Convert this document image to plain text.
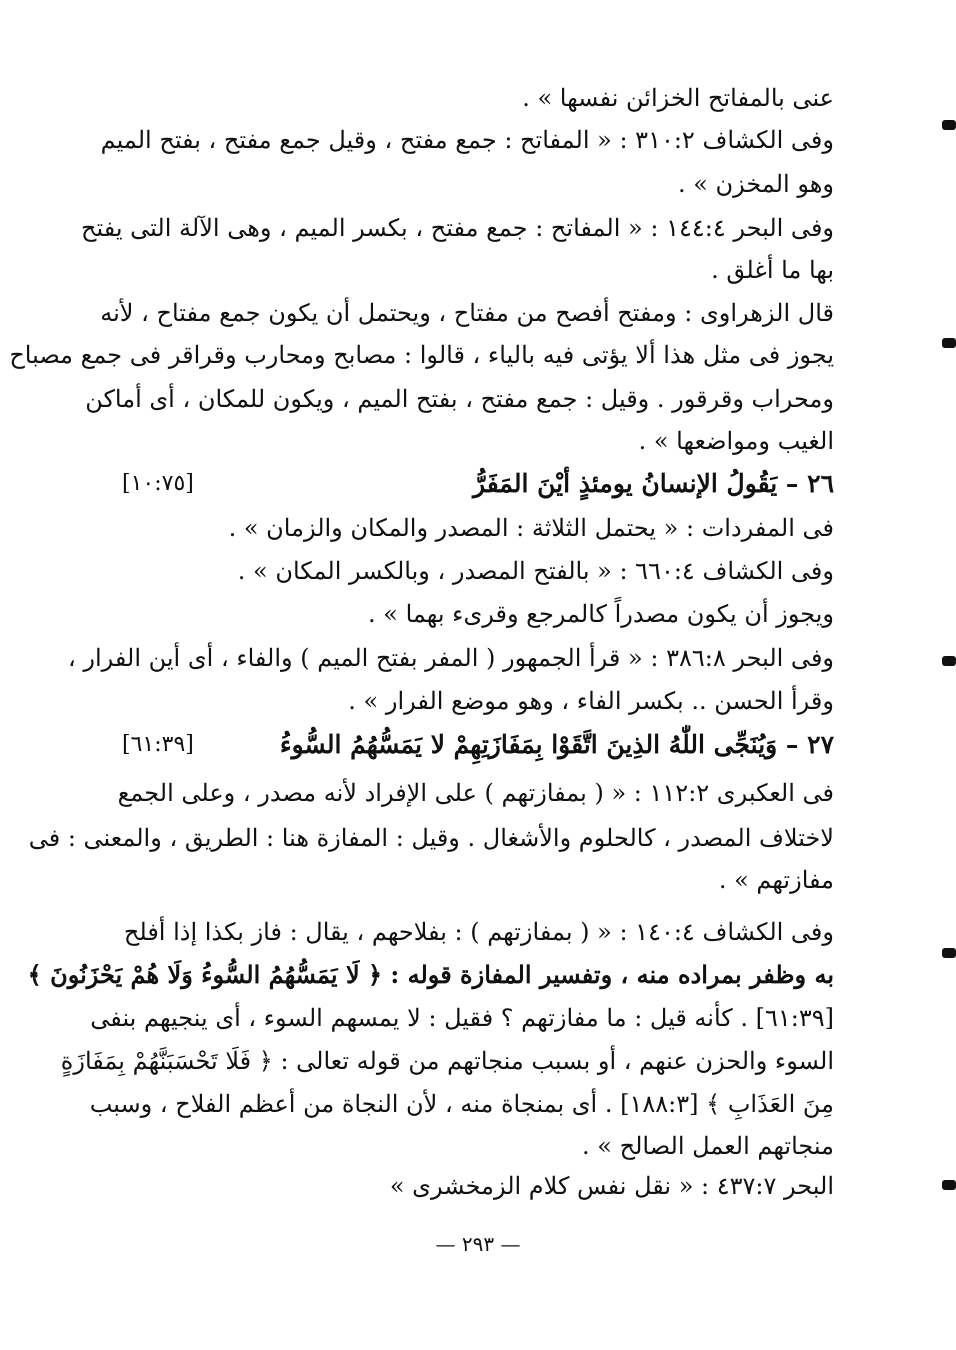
عنى بالمفاتح الخزائن نفسها » .
وفى الكشاف ٣١٠:٢ : « المفاتح : جمع مفتح ، وقيل جمع مفتح ، بفتح الميم
وهو المخزن » .
وفى البحر ١٤٤:٤ : « المفاتح : جمع مفتح ، بكسر الميم ، وهى الآلة التى يفتح
بها ما أغلق .
قال الزهراوى : ومفتح أفصح من مفتاح ، ويحتمل أن يكون جمع مفتاح ، لأنه
يجوز فى مثل هذا ألا يؤتى فيه بالياء ، قالوا : مصابح ومحارب وقراقر فى جمع مصباح
ومحراب وقرقور . وقيل : جمع مفتح ، بفتح الميم ، ويكون للمكان ، أى أماكن
الغيب ومواضعها » .
٢٦ – يَقُولُ الإنسانُ يومئذٍ أيْنَ المَفَرُّ
[١٠:٧٥]
فى المفردات : « يحتمل الثلاثة : المصدر والمكان والزمان » .
وفى الكشاف ٦٦٠:٤ : « بالفتح المصدر ، وبالكسر المكان » .
ويجوز أن يكون مصدراً كالمرجع وقرىء بهما » .
وفى البحر ٣٨٦:٨ : « قرأ الجمهور ( المفر بفتح الميم ) والفاء ، أى أين الفرار ،
وقرأ الحسن .. بكسر الفاء ، وهو موضع الفرار » .
٢٧ – وَيُنَجِّى اللّٰهُ الذِينَ اتَّقَوْا بِمَفَازَتِهِمْ لا يَمَسُّهُمُ السُّوءُ
[٦١:٣٩]
فى العكبرى ١١٢:٢ : « ( بمفازتهم ) على الإفراد لأنه مصدر ، وعلى الجمع
لاختلاف المصدر ، كالحلوم والأشغال . وقيل : المفازة هنا : الطريق ، والمعنى : فى
مفازتهم » .
وفى الكشاف ١٤٠:٤ : « ( بمفازتهم ) : بفلاحهم ، يقال : فاز بكذا إذا أفلح
به وظفر بمراده منه ، وتفسير المفازة قوله : ﴿ لَا يَمَسُّهُمُ السُّوءُ وَلَا هُمْ يَحْزَنُونَ ﴾
[٦١:٣٩] . كأنه قيل : ما مفازتهم ؟ فقيل : لا يمسهم السوء ، أى ينجيهم بنفى
السوء والحزن عنهم ، أو بسبب منجاتهم من قوله تعالى : ﴿ فَلَا تَحْسَبَنَّهُمْ بِمَفَازَةٍ
مِنَ العَذَابِ ﴾ [١٨٨:٣] . أى بمنجاة منه ، لأن النجاة من أعظم الفلاح ، وسبب
منجاتهم العمل الصالح » .
البحر ٤٣٧:٧ : « نقل نفس كلام الزمخشرى »
— ٢٩٣ —
